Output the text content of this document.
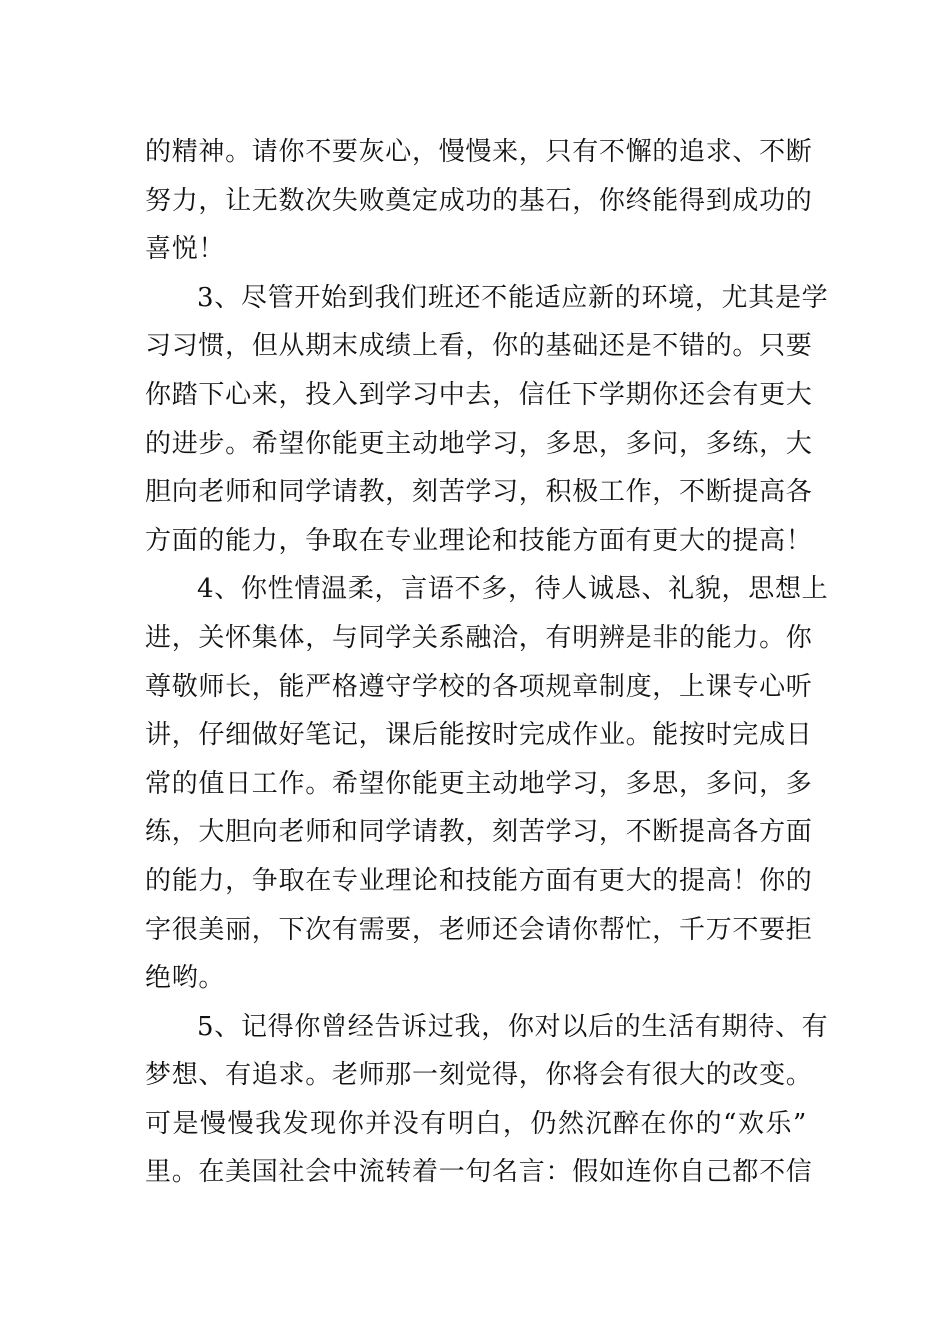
的精神。请你不要灰心，慢慢来，只有不懈的追求、不断
努力，让无数次失败奠定成功的基石，你终能得到成功的
喜悦！
3、尽管开始到我们班还不能适应新的环境，尤其是学
习习惯，但从期末成绩上看，你的基础还是不错的。只要
你踏下心来，投入到学习中去，信任下学期你还会有更大
的进步。希望你能更主动地学习，多思，多问，多练，大
胆向老师和同学请教，刻苦学习，积极工作，不断提高各
方面的能力，争取在专业理论和技能方面有更大的提高！
4、你性情温柔，言语不多，待人诚恳、礼貌，思想上
进，关怀集体，与同学关系融洽，有明辨是非的能力。你
尊敬师长，能严格遵守学校的各项规章制度，上课专心听
讲，仔细做好笔记，课后能按时完成作业。能按时完成日
常的值日工作。希望你能更主动地学习，多思，多问，多
练，大胆向老师和同学请教，刻苦学习，不断提高各方面
的能力，争取在专业理论和技能方面有更大的提高！你的
字很美丽，下次有需要，老师还会请你帮忙，千万不要拒
绝哟。
5、记得你曾经告诉过我，你对以后的生活有期待、有
梦想、有追求。老师那一刻觉得，你将会有很大的改变。
可是慢慢我发现你并没有明白，仍然沉醉在你的“欢乐”
里。在美国社会中流转着一句名言：假如连你自己都不信
